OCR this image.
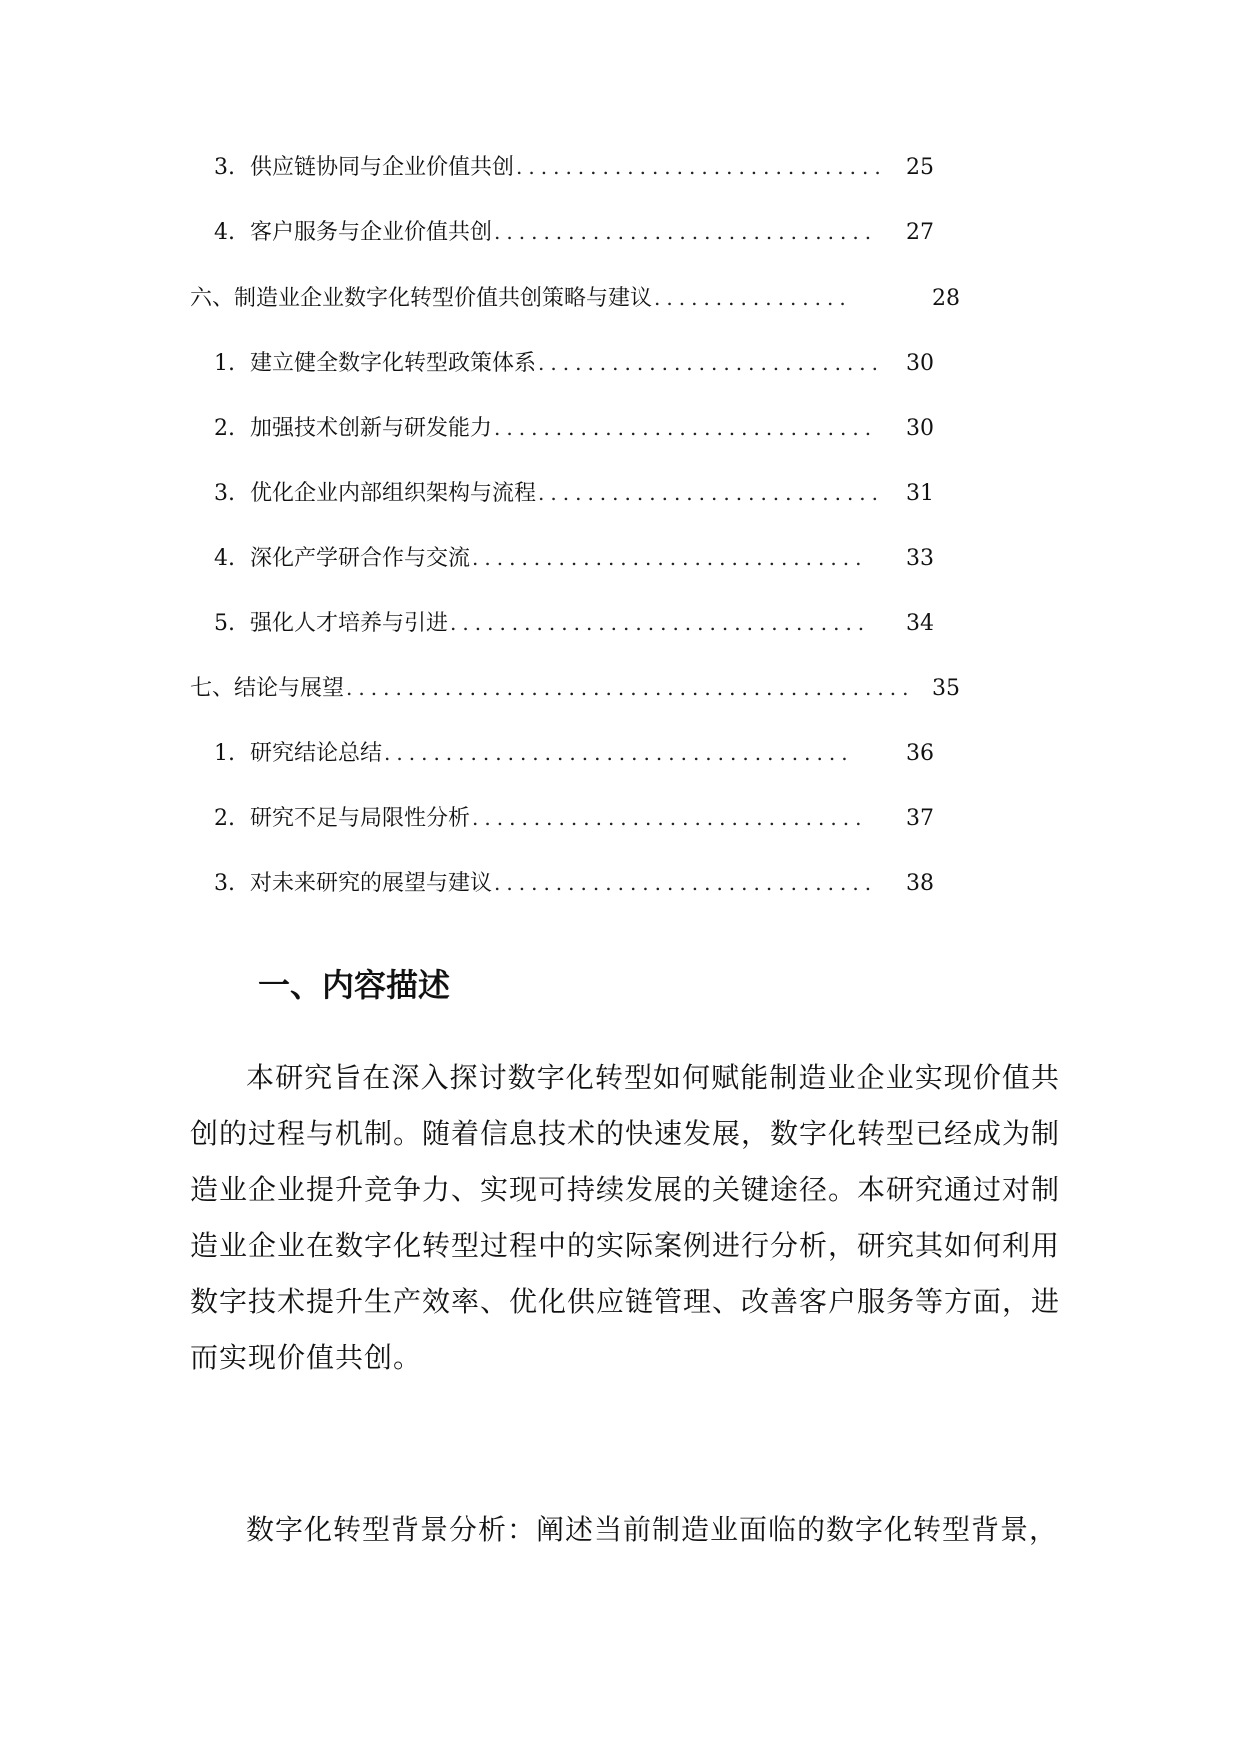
3. 供应链协同与企业价值共创 .............................. 25
4. 客户服务与企业价值共创 ...............................	27
六、制造业企业数字化转型价值共创策略与建议 ................	28
1. 建立健全数字化转型政策体系 ............................ 30
2. 加强技术创新与研发能力 ...............................	30
3. 优化企业内部组织架构与流程 ............................ 31
4. 深化产学研合作与交流 ................................	33
5. 强化人才培养与引进 ..................................	34
七、结论与展望 .............................................. 35
1. 研究结论总结 ......................................	36
2. 研究不足与局限性分析 ................................	37
3. 对未来研究的展望与建议 ...............................	38
一、内容描述

本研究旨在深入探讨数字化转型如何赋能制造业企业实现价值共创的过程与机制。随着信息技术的快速发展，数字化转型已经成为制造业企业提升竞争力、实现可持续发展的关键途径。本研究通过对制造业企业在数字化转型过程中的实际案例进行分析，研究其如何利用数字技术提升生产效率、优化供应链管理、改善客户服务等方面，进而实现价值共创。

数字化转型背景分析：阐述当前制造业面临的数字化转型背景，
